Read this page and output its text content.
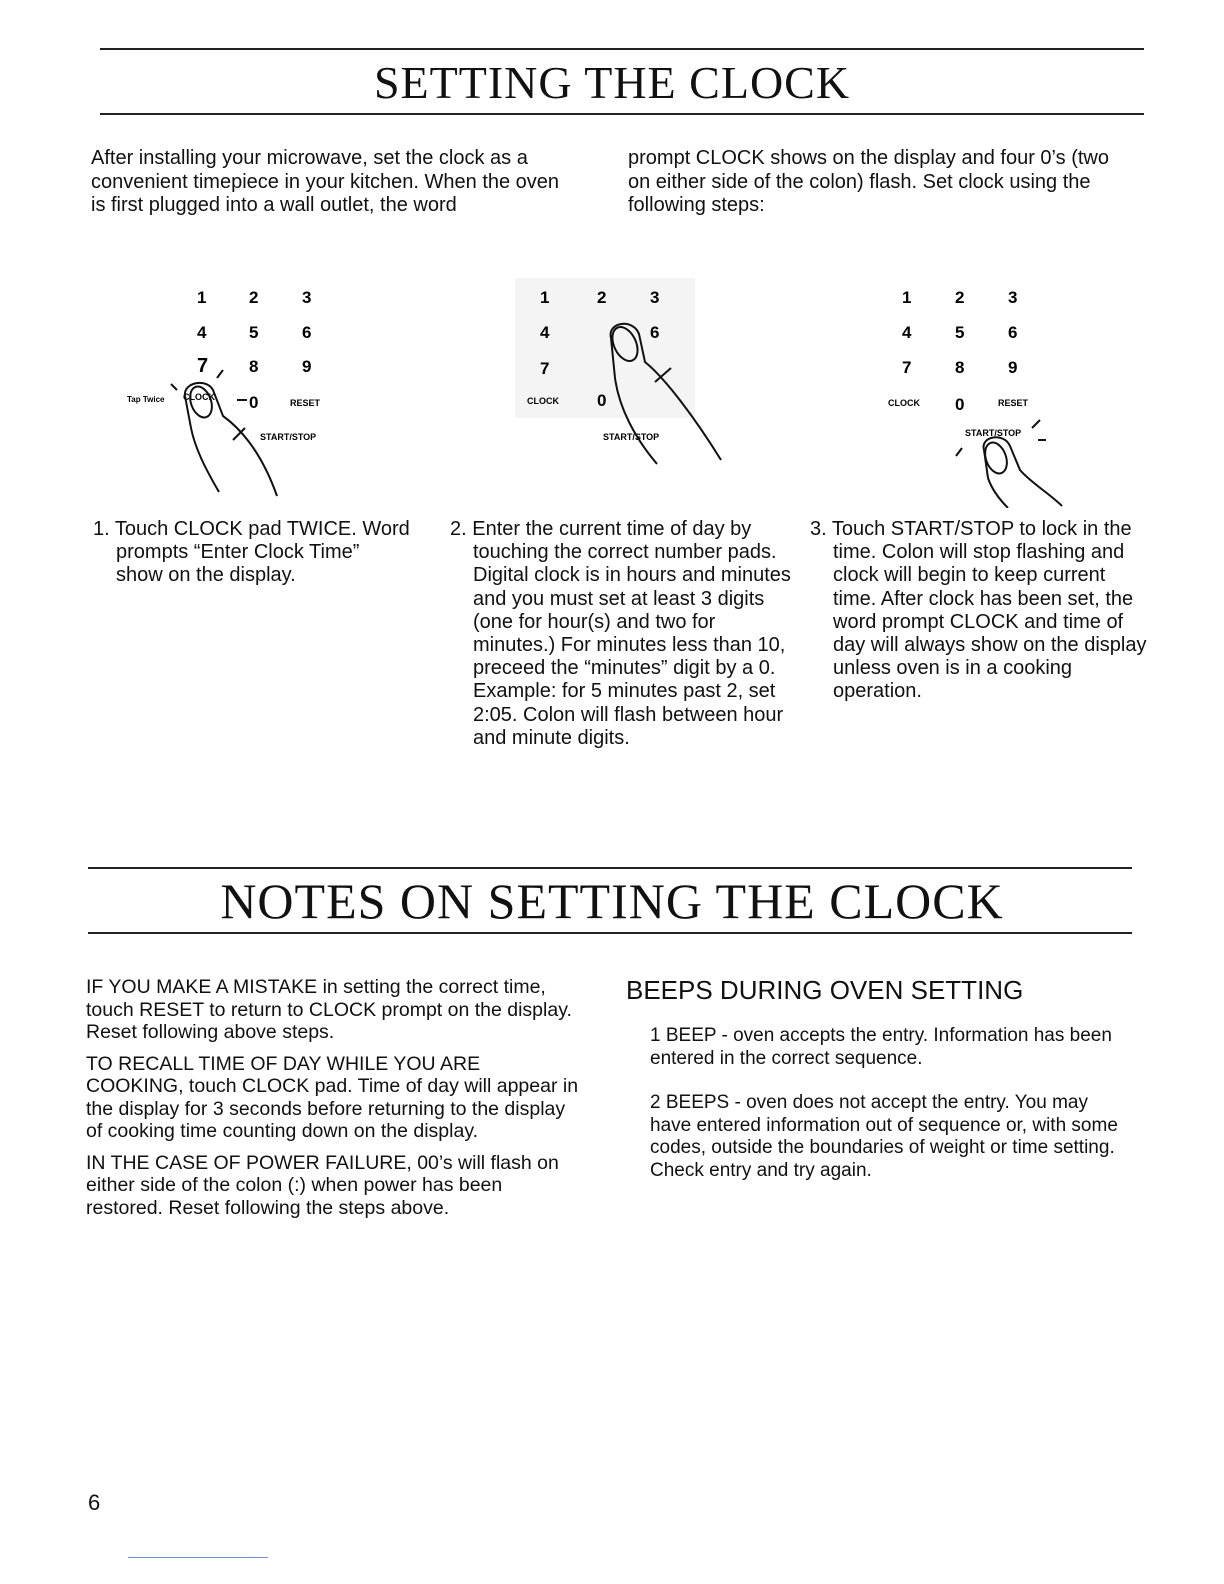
SETTING THE CLOCK
After installing your microwave, set the clock as a convenient timepiece in your kitchen. When the oven is first plugged into a wall outlet, the word
prompt CLOCK shows on the display and four 0’s (two on either side of the colon) flash. Set clock using the following steps:
1	2	3
4	5	6
7 8	9
0
CLOCK
RESET
START/STOP
Tap Twice
1	2	3
4	6
7
0
CLOCK
START/STOP
1	2	3
4	5	6
7	8	9
0
CLOCK	RESET
START/STOP
1. Touch CLOCK pad TWICE. Word prompts “Enter Clock Time” show on the display.
2. Enter the current time of day by touching the correct number pads. Digital clock is in hours and minutes and you must set at least 3 digits (one for hour(s) and two for minutes.) For minutes less than 10, preceed the “minutes” digit by a 0. Example: for 5 minutes past 2, set 2:05. Colon will flash between hour and minute digits.
3. Touch START/STOP to lock in the time. Colon will stop flashing and clock will begin to keep current time. After clock has been set, the word prompt CLOCK and time of day will always show on the display unless oven is in a cooking operation.
NOTES ON SETTING THE CLOCK

IF YOU MAKE A MISTAKE in setting the correct time, touch RESET to return to CLOCK prompt on the display. Reset following above steps.

TO RECALL TIME OF DAY WHILE YOU ARE COOKING, touch CLOCK pad. Time of day will appear in the display for 3 seconds before returning to the display of cooking time counting down on the display.

IN THE CASE OF POWER FAILURE, 00’s will flash on either side of the colon (:) when power has been restored. Reset following the steps above.

BEEPS DURING OVEN SETTING
1 BEEP - oven accepts the entry. Information has been entered in the correct sequence.
2 BEEPS - oven does not accept the entry. You may have entered information out of sequence or, with some codes, outside the boundaries of weight or time setting. Check entry and try again.
6
